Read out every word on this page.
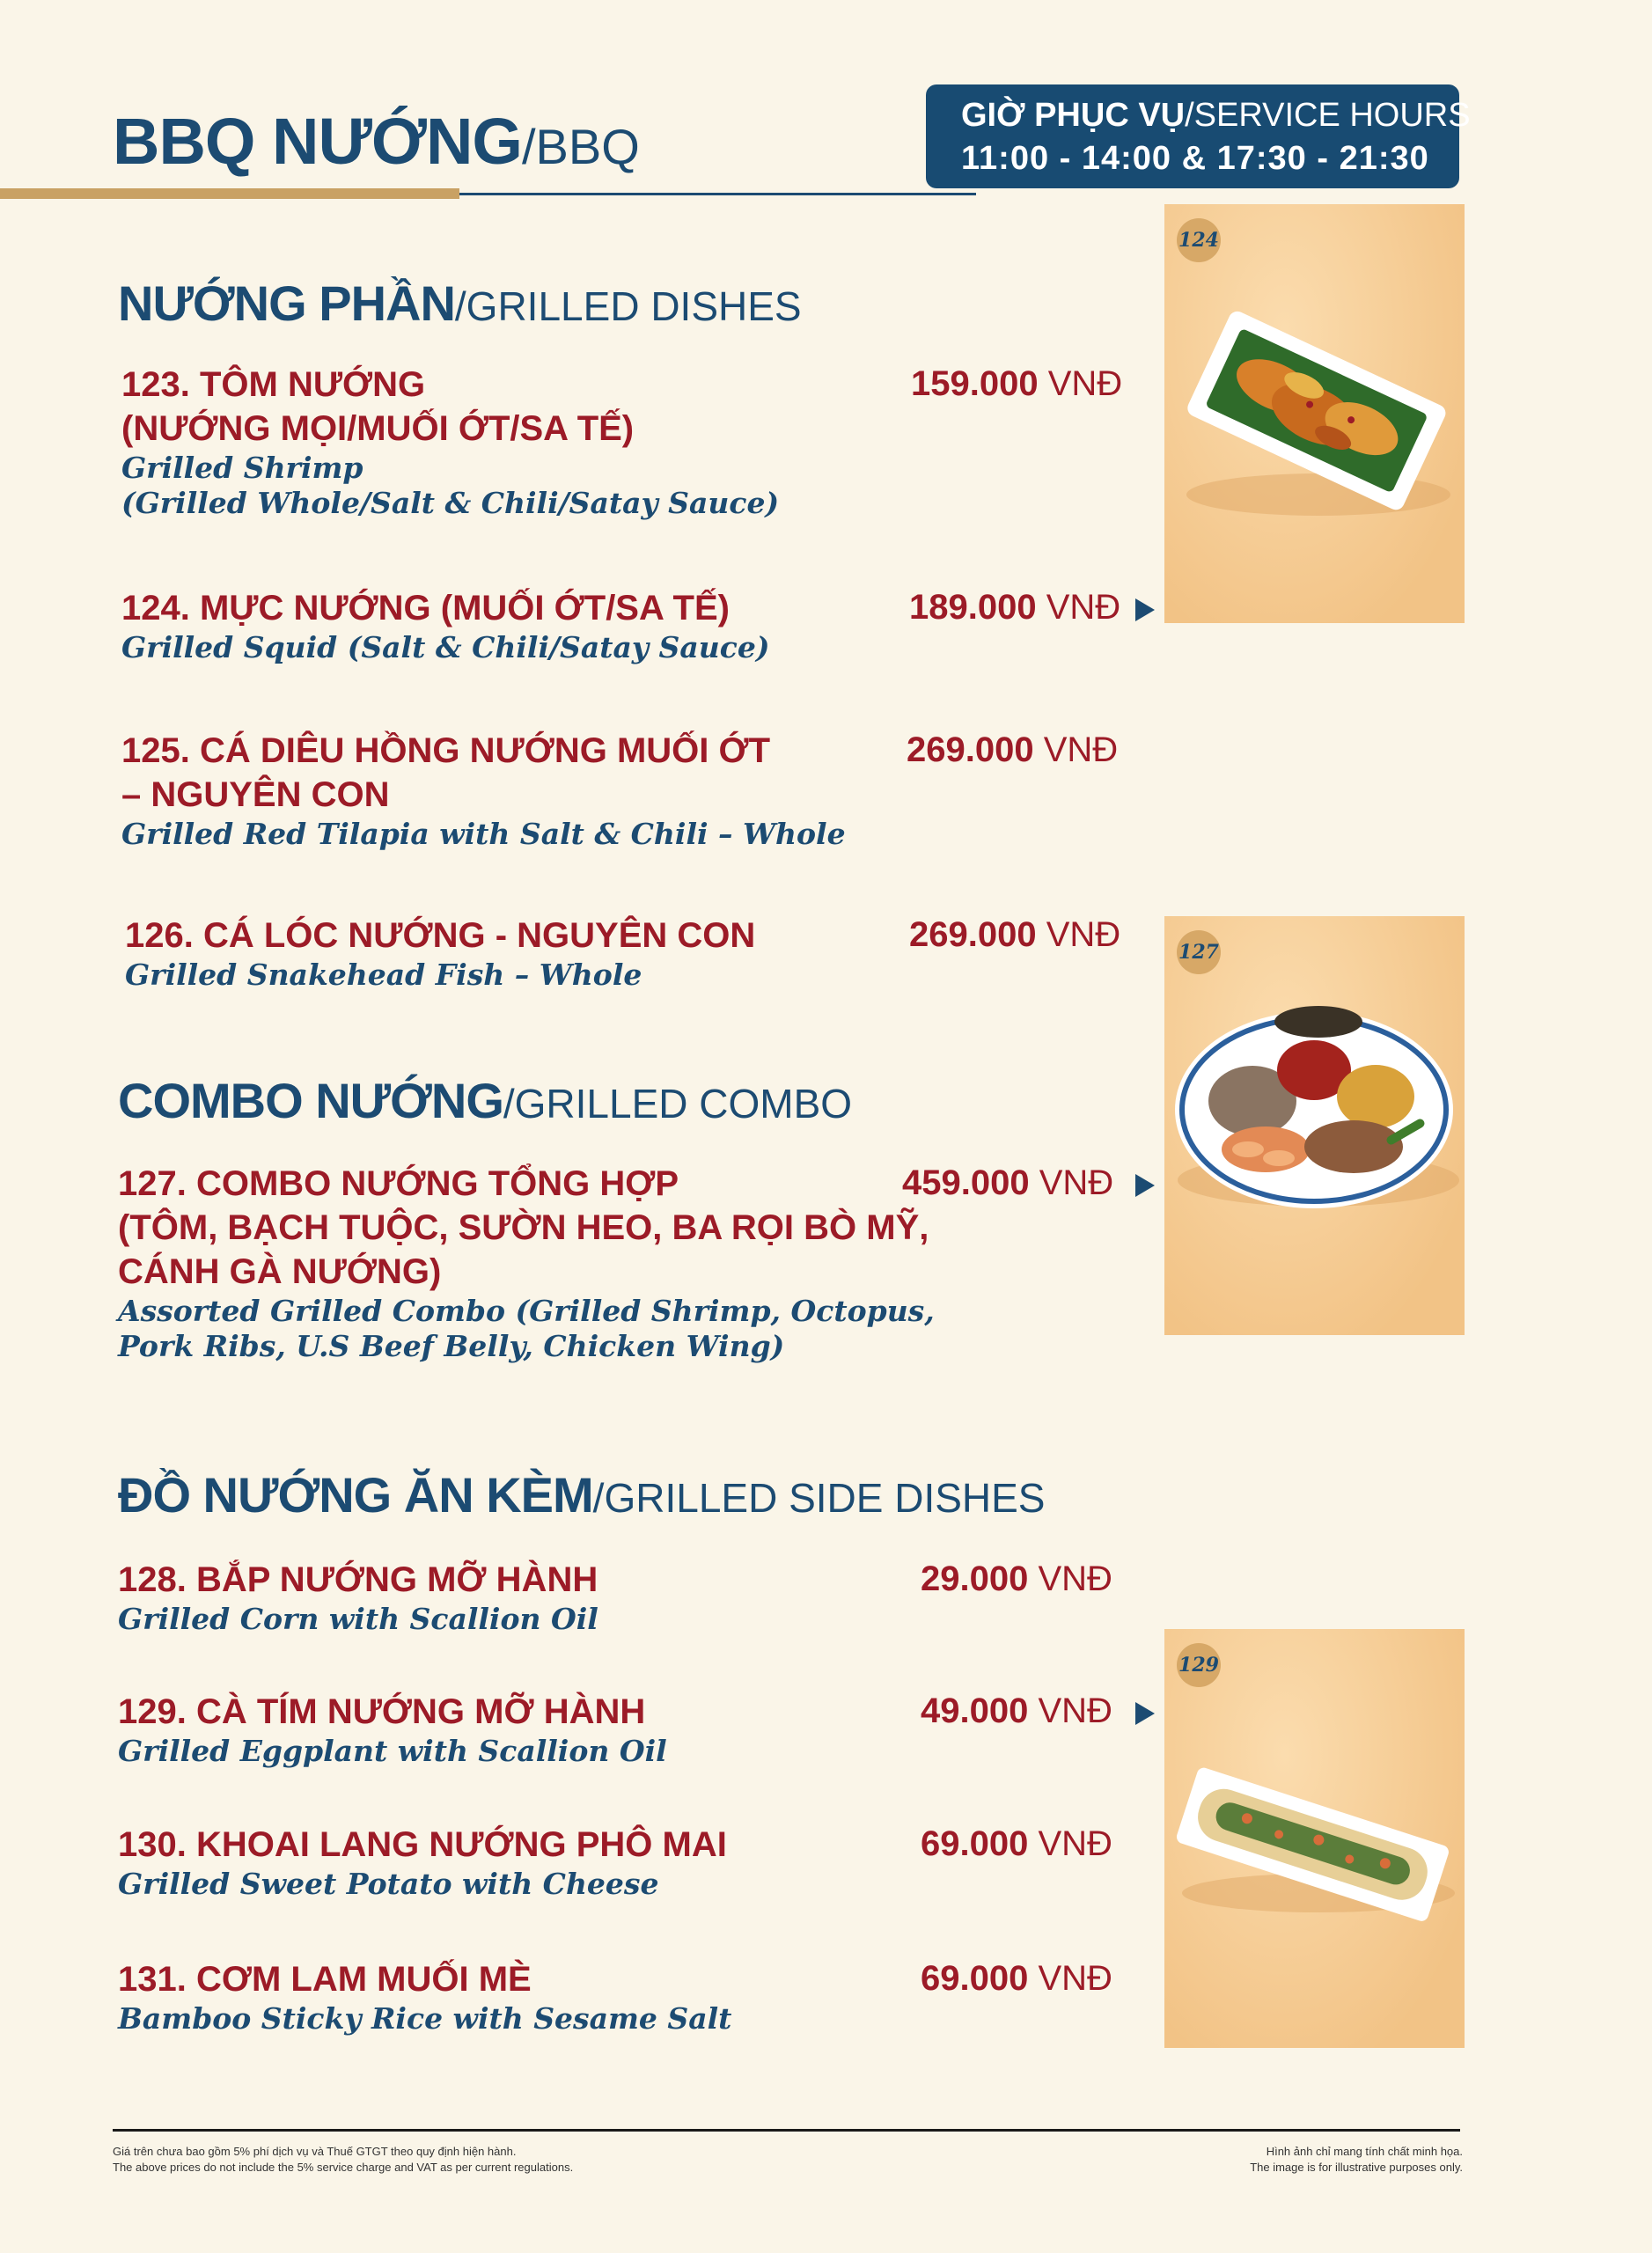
BBQ NƯỚNG/BBQ
GIỜ PHỤC VỤ/SERVICE HOURS
11:00 - 14:00 & 17:30 - 21:30
NƯỚNG PHẦN/GRILLED DISHES
123. TÔM NƯỚNG
(NƯỚNG MỌI/MUỐI ỚT/SA TẾ)
Grilled Shrimp
(Grilled Whole/Salt & Chili/Satay Sauce)
159.000 VNĐ
124. MỰC NƯỚNG (MUỐI ỚT/SA TẾ)
Grilled Squid (Salt & Chili/Satay Sauce)
189.000 VNĐ
125. CÁ DIÊU HỒNG NƯỚNG MUỐI ỚT
– NGUYÊN CON
Grilled Red Tilapia with Salt & Chili – Whole
269.000 VNĐ
126. CÁ LÓC NƯỚNG - NGUYÊN CON
Grilled Snakehead Fish – Whole
269.000 VNĐ
COMBO NƯỚNG/GRILLED COMBO
127. COMBO NƯỚNG TỔNG HỢP
(TÔM, BẠCH TUỘC, SƯỜN HEO, BA RỌI BÒ MỸ,
CÁNH GÀ NƯỚNG)
Assorted Grilled Combo (Grilled Shrimp, Octopus,
Pork Ribs, U.S Beef Belly, Chicken Wing)
459.000 VNĐ
ĐỒ NƯỚNG ĂN KÈM/GRILLED SIDE DISHES
128. BẮP NƯỚNG MỠ HÀNH
Grilled Corn with Scallion Oil
29.000 VNĐ
129. CÀ TÍM NƯỚNG MỠ HÀNH
Grilled Eggplant with Scallion Oil
49.000 VNĐ
130. KHOAI LANG NƯỚNG PHÔ MAI
Grilled Sweet Potato with Cheese
69.000 VNĐ
131. CƠM LAM MUỐI MÈ
Bamboo Sticky Rice with Sesame Salt
69.000 VNĐ
124
127
129
Giá trên chưa bao gồm 5% phí dịch vụ và Thuế GTGT theo quy định hiện hành.
The above prices do not include the 5% service charge and VAT as per current regulations.
Hình ảnh chỉ mang tính chất minh họa.
The image is for illustrative purposes only.
